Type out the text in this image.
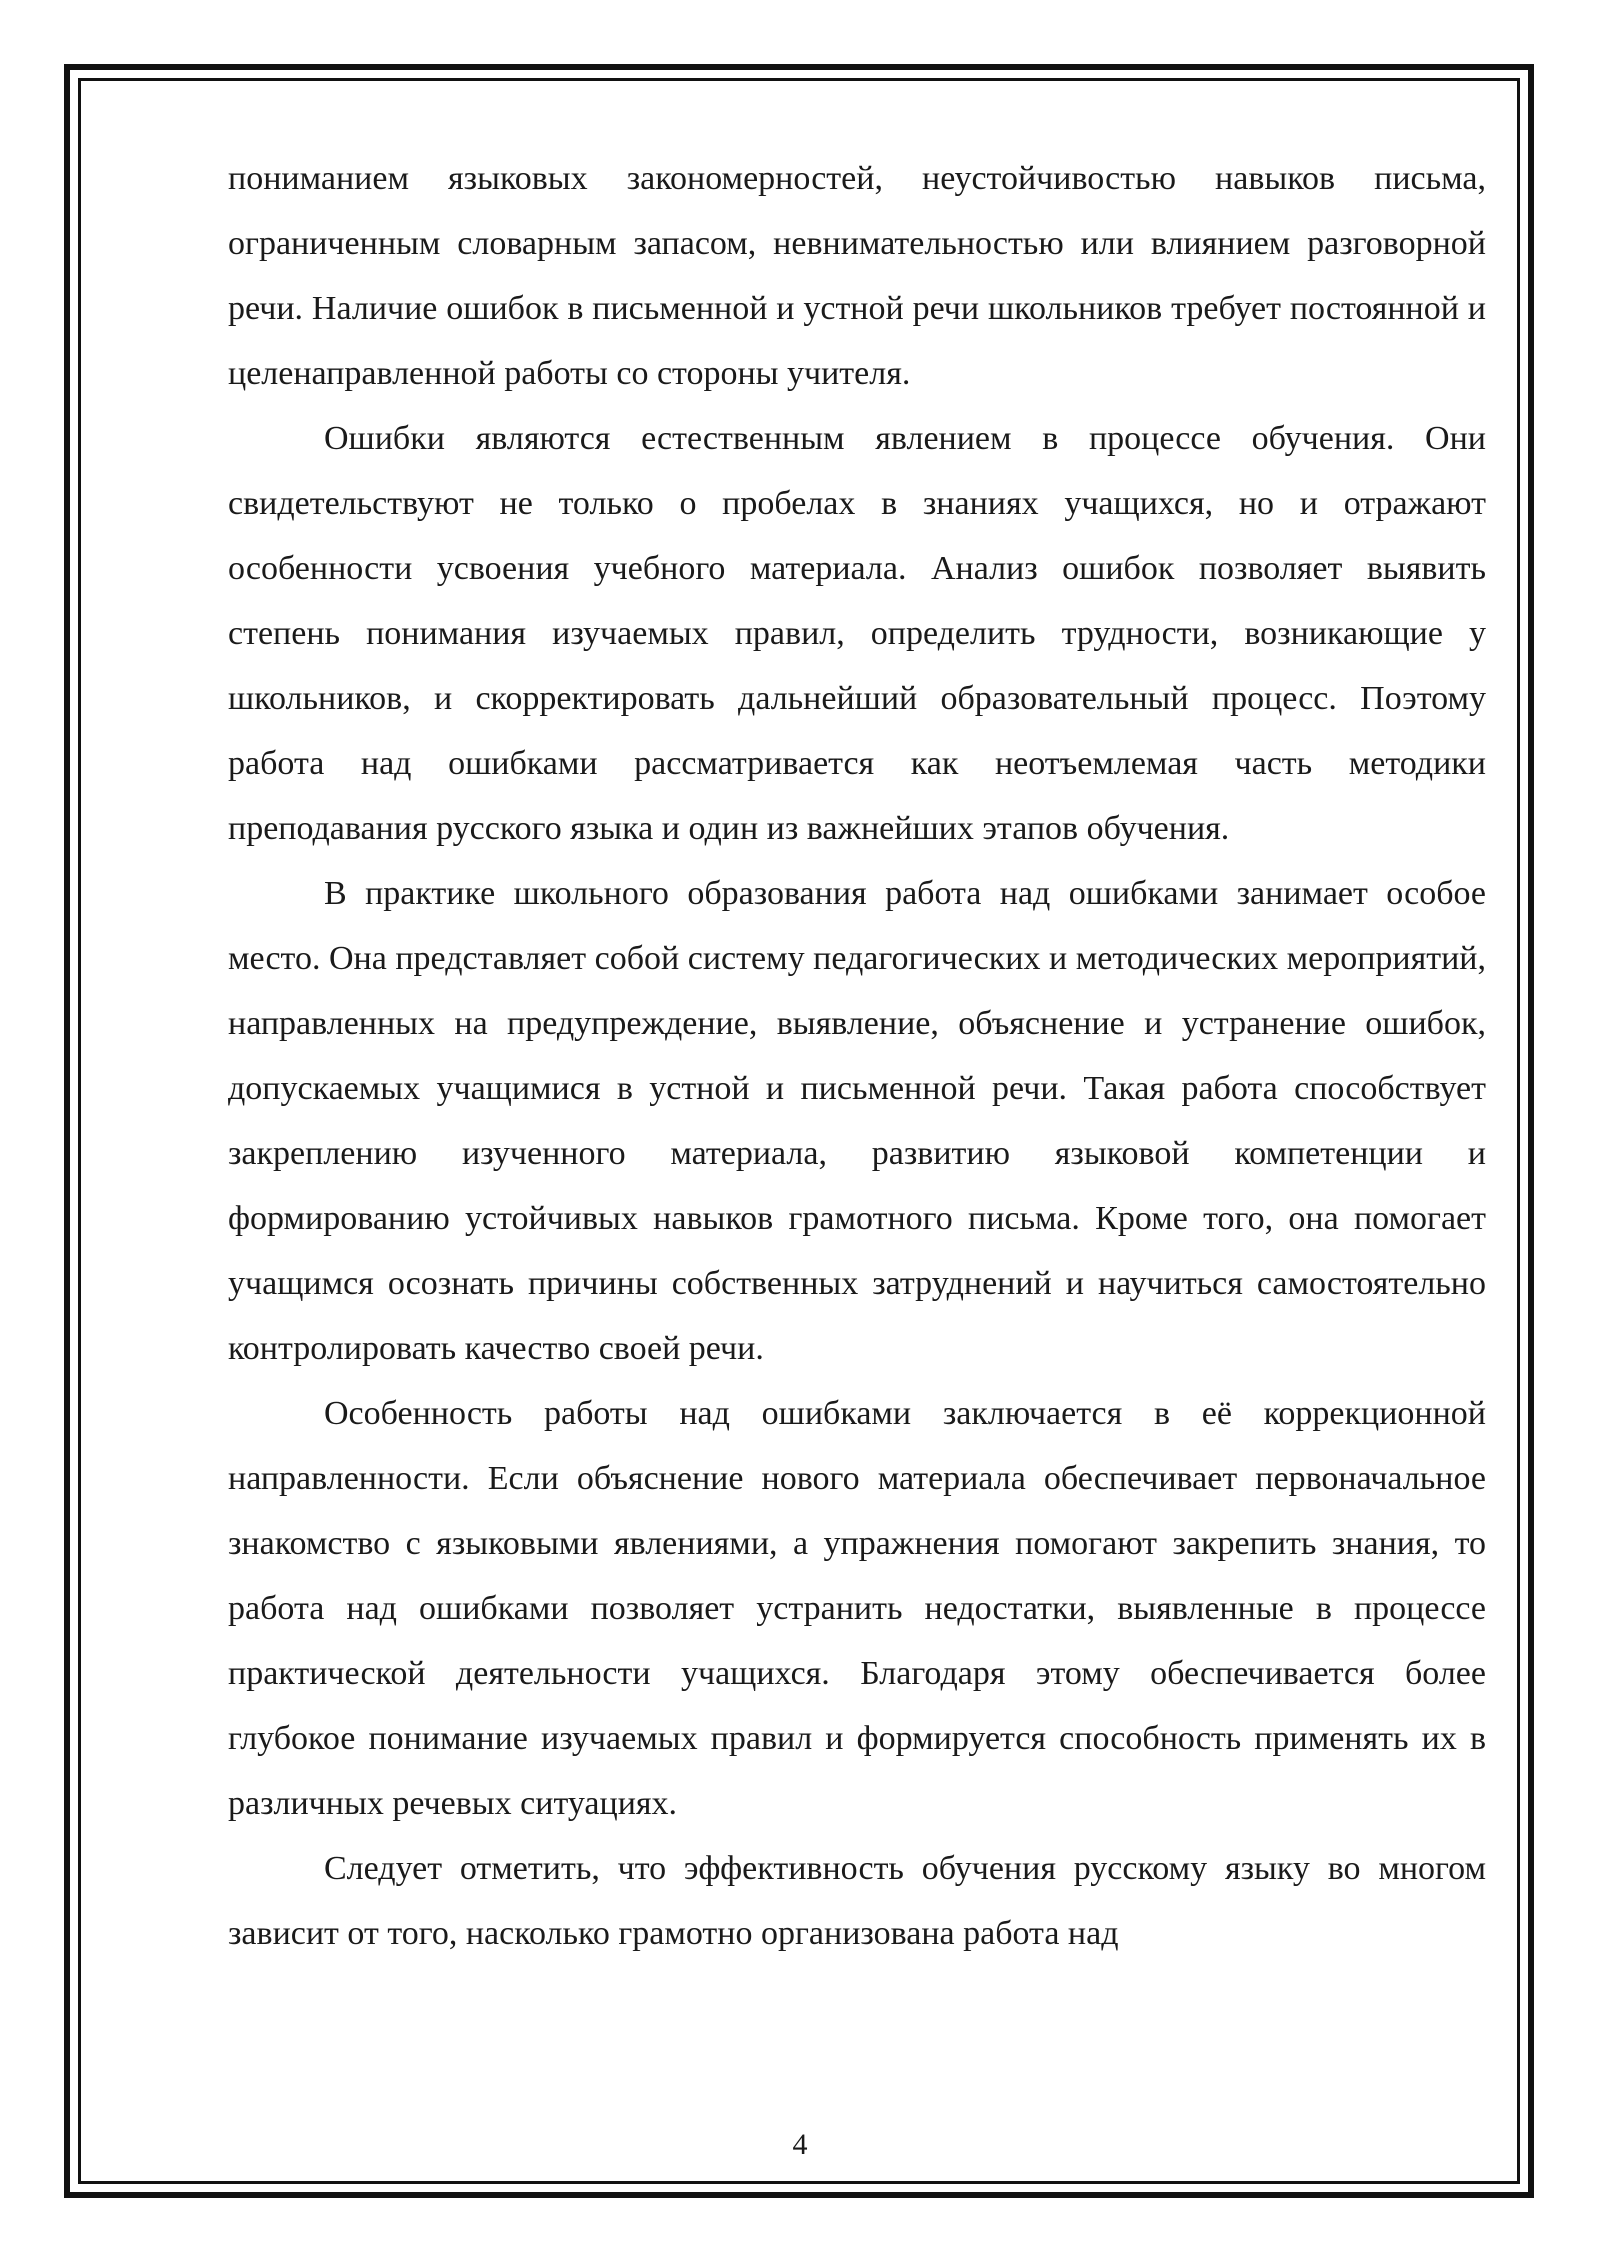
пониманием языковых закономерностей, неустойчивостью навыков письма, ограниченным словарным запасом, невнимательностью или влиянием разговорной речи. Наличие ошибок в письменной и устной речи школьников требует постоянной и целенаправленной работы со стороны учителя.

Ошибки являются естественным явлением в процессе обучения. Они свидетельствуют не только о пробелах в знаниях учащихся, но и отражают особенности усвоения учебного материала. Анализ ошибок позволяет выявить степень понимания изучаемых правил, определить трудности, возникающие у школьников, и скорректировать дальнейший образовательный процесс. Поэтому работа над ошибками рассматривается как неотъемлемая часть методики преподавания русского языка и один из важнейших этапов обучения.

В практике школьного образования работа над ошибками занимает особое место. Она представляет собой систему педагогических и методических мероприятий, направленных на предупреждение, выявление, объяснение и устранение ошибок, допускаемых учащимися в устной и письменной речи. Такая работа способствует закреплению изученного материала, развитию языковой компетенции и формированию устойчивых навыков грамотного письма. Кроме того, она помогает учащимся осознать причины собственных затруднений и научиться самостоятельно контролировать качество своей речи.

Особенность работы над ошибками заключается в её коррекционной направленности. Если объяснение нового материала обеспечивает первоначальное знакомство с языковыми явлениями, а упражнения помогают закрепить знания, то работа над ошибками позволяет устранить недостатки, выявленные в процессе практической деятельности учащихся. Благодаря этому обеспечивается более глубокое понимание изучаемых правил и формируется способность применять их в различных речевых ситуациях.

Следует отметить, что эффективность обучения русскому языку во многом зависит от того, насколько грамотно организована работа над

4
